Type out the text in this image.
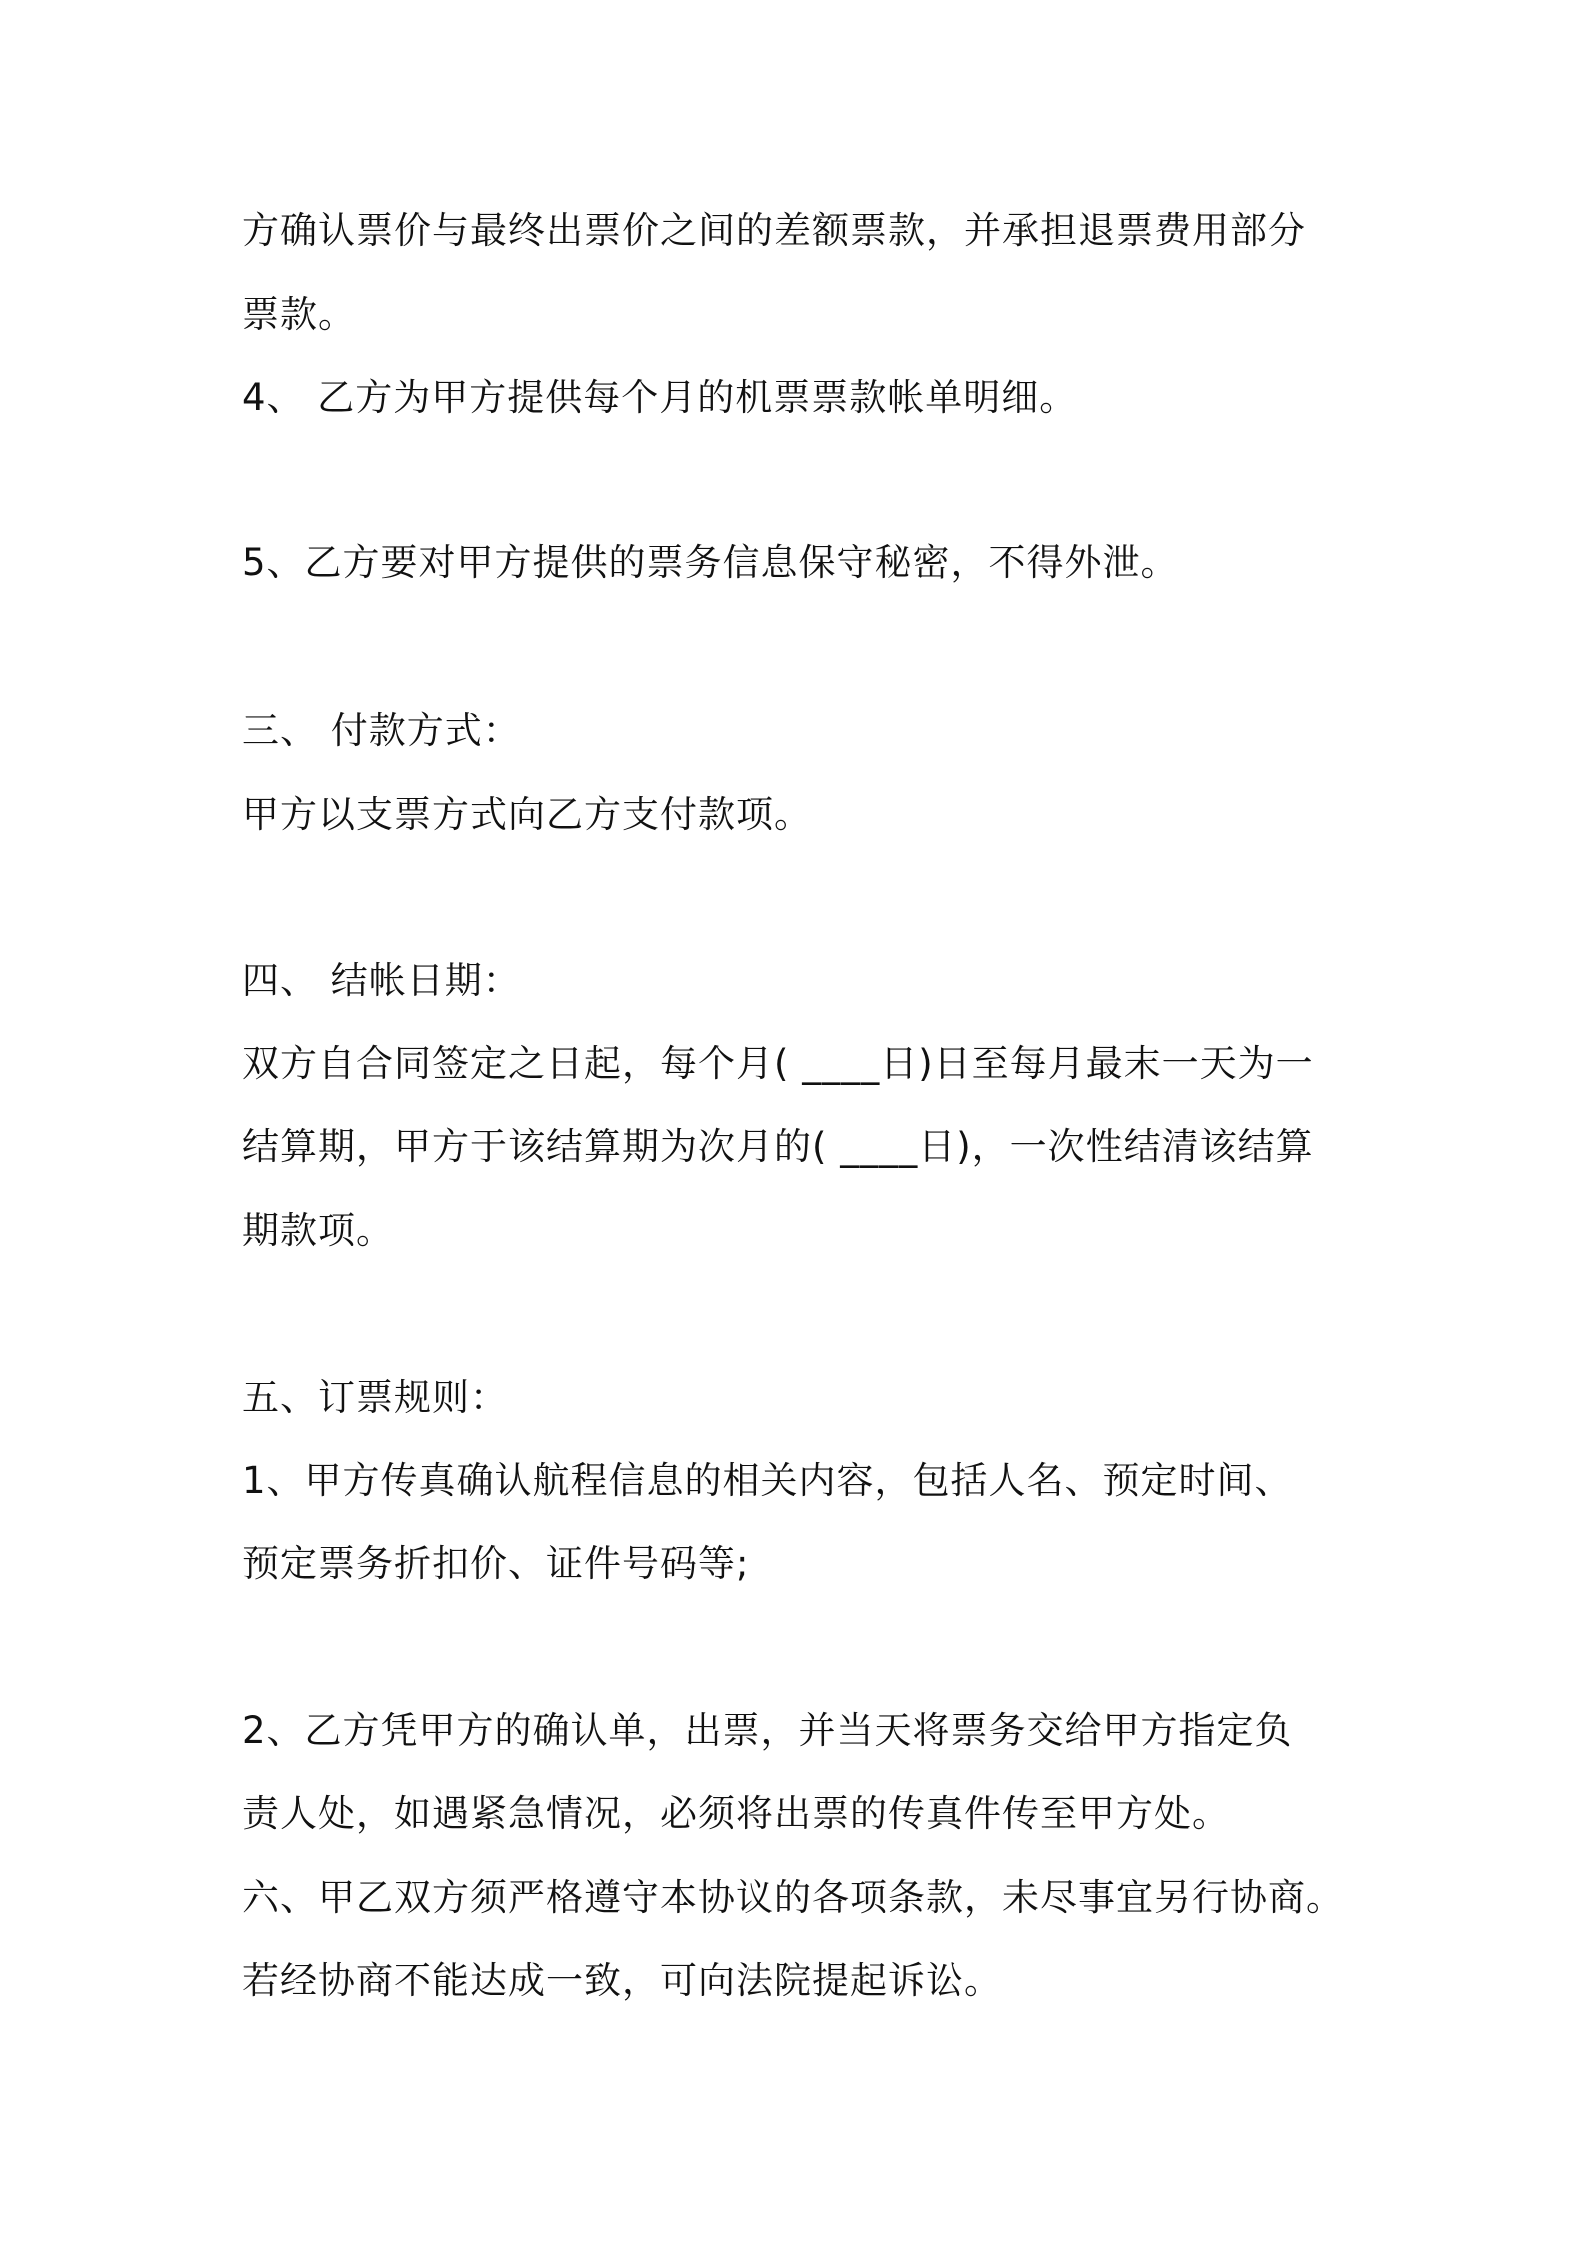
方确认票价与最终出票价之间的差额票款，并承担退票费用部分
票款。
4、 乙方为甲方提供每个月的机票票款帐单明细。
5、乙方要对甲方提供的票务信息保守秘密，不得外泄。
三、 付款方式：
甲方以支票方式向乙方支付款项。
四、 结帐日期：
双方自合同签定之日起，每个月( ____日)日至每月最末一天为一
结算期，甲方于该结算期为次月的( ____日)，一次性结清该结算
期款项。
五、订票规则：
1、甲方传真确认航程信息的相关内容，包括人名、预定时间、
预定票务折扣价、证件号码等;
2、乙方凭甲方的确认单，出票，并当天将票务交给甲方指定负
责人处，如遇紧急情况，必须将出票的传真件传至甲方处。
六、甲乙双方须严格遵守本协议的各项条款，未尽事宜另行协商。
若经协商不能达成一致，可向法院提起诉讼。
